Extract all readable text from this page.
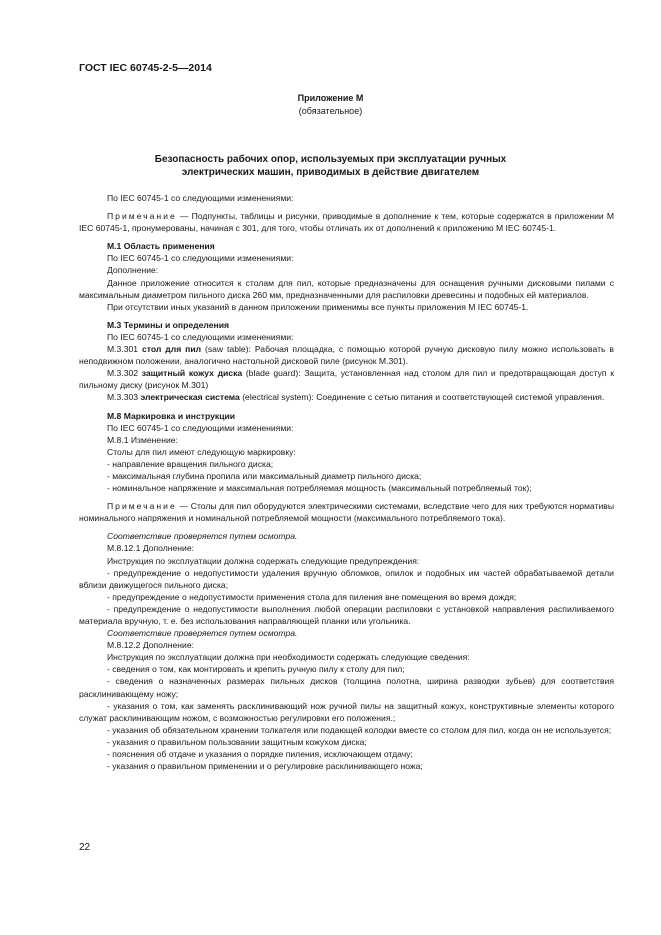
ГОСТ IEC 60745-2-5—2014
Приложение М
(обязательное)
Безопасность рабочих опор, используемых при эксплуатации ручных
электрических машин, приводимых в действие двигателем

По IEC 60745-1 со следующими изменениями:

Примечание — Подпункты, таблицы и рисунки, приводимые в дополнение к тем, которые содержатся в приложении М IEC 60745-1, пронумерованы, начиная с 301, для того, чтобы отличать их от дополнений к приложению М IEC 60745-1.

М.1 Область применения

По IEC 60745-1 со следующими изменениями:

Дополнение:

Данное приложение относится к столам для пил, которые предназначены для оснащения ручными дисковыми пилами с максимальным диаметром пильного диска 260 мм, предназначенными для распиловки древесины и подобных ей материалов.

При отсутствии иных указаний в данном приложении применимы все пункты приложения М IEC 60745-1.

М.3 Термины и определения

По IEC 60745-1 со следующими изменениями:

М.3.301 стол для пил (saw table): Рабочая площадка, с помощью которой ручную дисковую пилу можно использовать в неподвижном положении, аналогично настольной дисковой пиле (рисунок М.301).

М.3.302 защитный кожух диска (blade guard): Защита, установленная над столом для пил и предотвращающая доступ к пильному диску (рисунок М.301)

М.3.303 электрическая система (electrical system): Соединение с сетью питания и соответствующей системой управления.

М.8 Маркировка и инструкции

По IEC 60745-1 со следующими изменениями:

М.8.1 Изменение:

Столы для пил имеют следующую маркировку:

- направление вращения пильного диска;

- максимальная глубина пропила или максимальный диаметр пильного диска;

- номинальное напряжение и максимальная потребляемая мощность (максимальный потребляемый ток);

Примечание — Столы для пил оборудуются электрическими системами, вследствие чего для них требуются нормативы номинального напряжения и номинальной потребляемой мощности (максимального потребляемого тока).

Соответствие проверяется путем осмотра.

М.8.12.1 Дополнение:

Инструкция по эксплуатации должна содержать следующие предупреждения:

- предупреждение о недопустимости удаления вручную обломков, опилок и подобных им частей обрабатываемой детали вблизи движущегося пильного диска;

- предупреждение о недопустимости применения стола для пиления вне помещения во время дождя;

- предупреждение о недопустимости выполнения любой операции распиловки с установкой направления распиливаемого материала вручную, т. е. без использования направляющей планки или угольника.

Соответствие проверяется путем осмотра.

М.8.12.2 Дополнение:

Инструкция по эксплуатации должна при необходимости содержать следующие сведения:

- сведения о том, как монтировать и крепить ручную пилу к столу для пил;

- сведения о назначенных размерах пильных дисков (толщина полотна, ширина разводки зубьев) для соответствия расклинивающему ножу;

- указания о том, как заменять расклинивающий нож ручной пилы на защитный кожух, конструктивные элементы которого служат расклинивающим ножом, с возможностью регулировки его положения.;

- указания об обязательном хранении толкателя или подающей колодки вместе со столом для пил, когда он не используется;

- указания о правильном пользовании защитным кожухом диска;

- пояснения об отдаче и указания о порядке пиления, исключающем отдачу;

- указания о правильном применении и о регулировке расклинивающего ножа;

22
